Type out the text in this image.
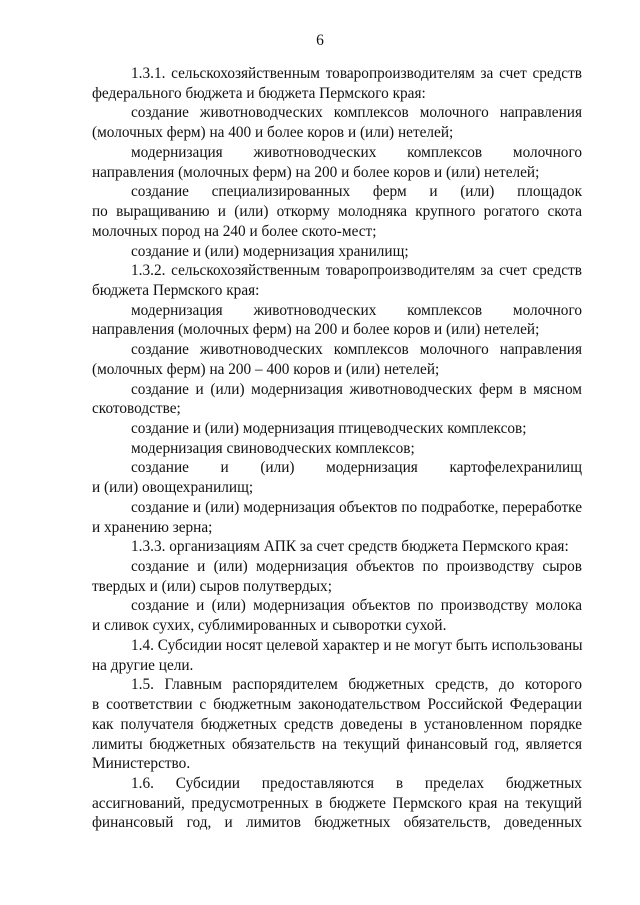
6
1.3.1. сельскохозяйственным товаропроизводителям за счет средств
федерального бюджета и бюджета Пермского края:
создание животноводческих комплексов молочного направления
(молочных ферм) на 400 и более коров и (или) нетелей;
модернизация животноводческих комплексов молочного
направления (молочных ферм) на 200 и более коров и (или) нетелей;
создание специализированных ферм и (или) площадок
по выращиванию и (или) откорму молодняка крупного рогатого скота
молочных пород на 240 и более ското-мест;
создание и (или) модернизация хранилищ;
1.3.2. сельскохозяйственным товаропроизводителям за счет средств
бюджета Пермского края:
модернизация животноводческих комплексов молочного
направления (молочных ферм) на 200 и более коров и (или) нетелей;
создание животноводческих комплексов молочного направления
(молочных ферм) на 200 – 400 коров и (или) нетелей;
создание и (или) модернизация животноводческих ферм в мясном
скотоводстве;
создание и (или) модернизация птицеводческих комплексов;
модернизация свиноводческих комплексов;
создание и (или) модернизация картофелехранилищ
и (или) овощехранилищ;
создание и (или) модернизация объектов по подработке, переработке
и хранению зерна;
1.3.3. организациям АПК за счет средств бюджета Пермского края:
создание и (или) модернизация объектов по производству сыров
твердых и (или) сыров полутвердых;
создание и (или) модернизация объектов по производству молока
и сливок сухих, сублимированных и сыворотки сухой.
1.4. Субсидии носят целевой характер и не могут быть использованы
на другие цели.
1.5. Главным распорядителем бюджетных средств, до которого
в соответствии с бюджетным законодательством Российской Федерации
как получателя бюджетных средств доведены в установленном порядке
лимиты бюджетных обязательств на текущий финансовый год, является
Министерство.
1.6. Субсидии предоставляются в пределах бюджетных
ассигнований, предусмотренных в бюджете Пермского края на текущий
финансовый год, и лимитов бюджетных обязательств, доведенных
